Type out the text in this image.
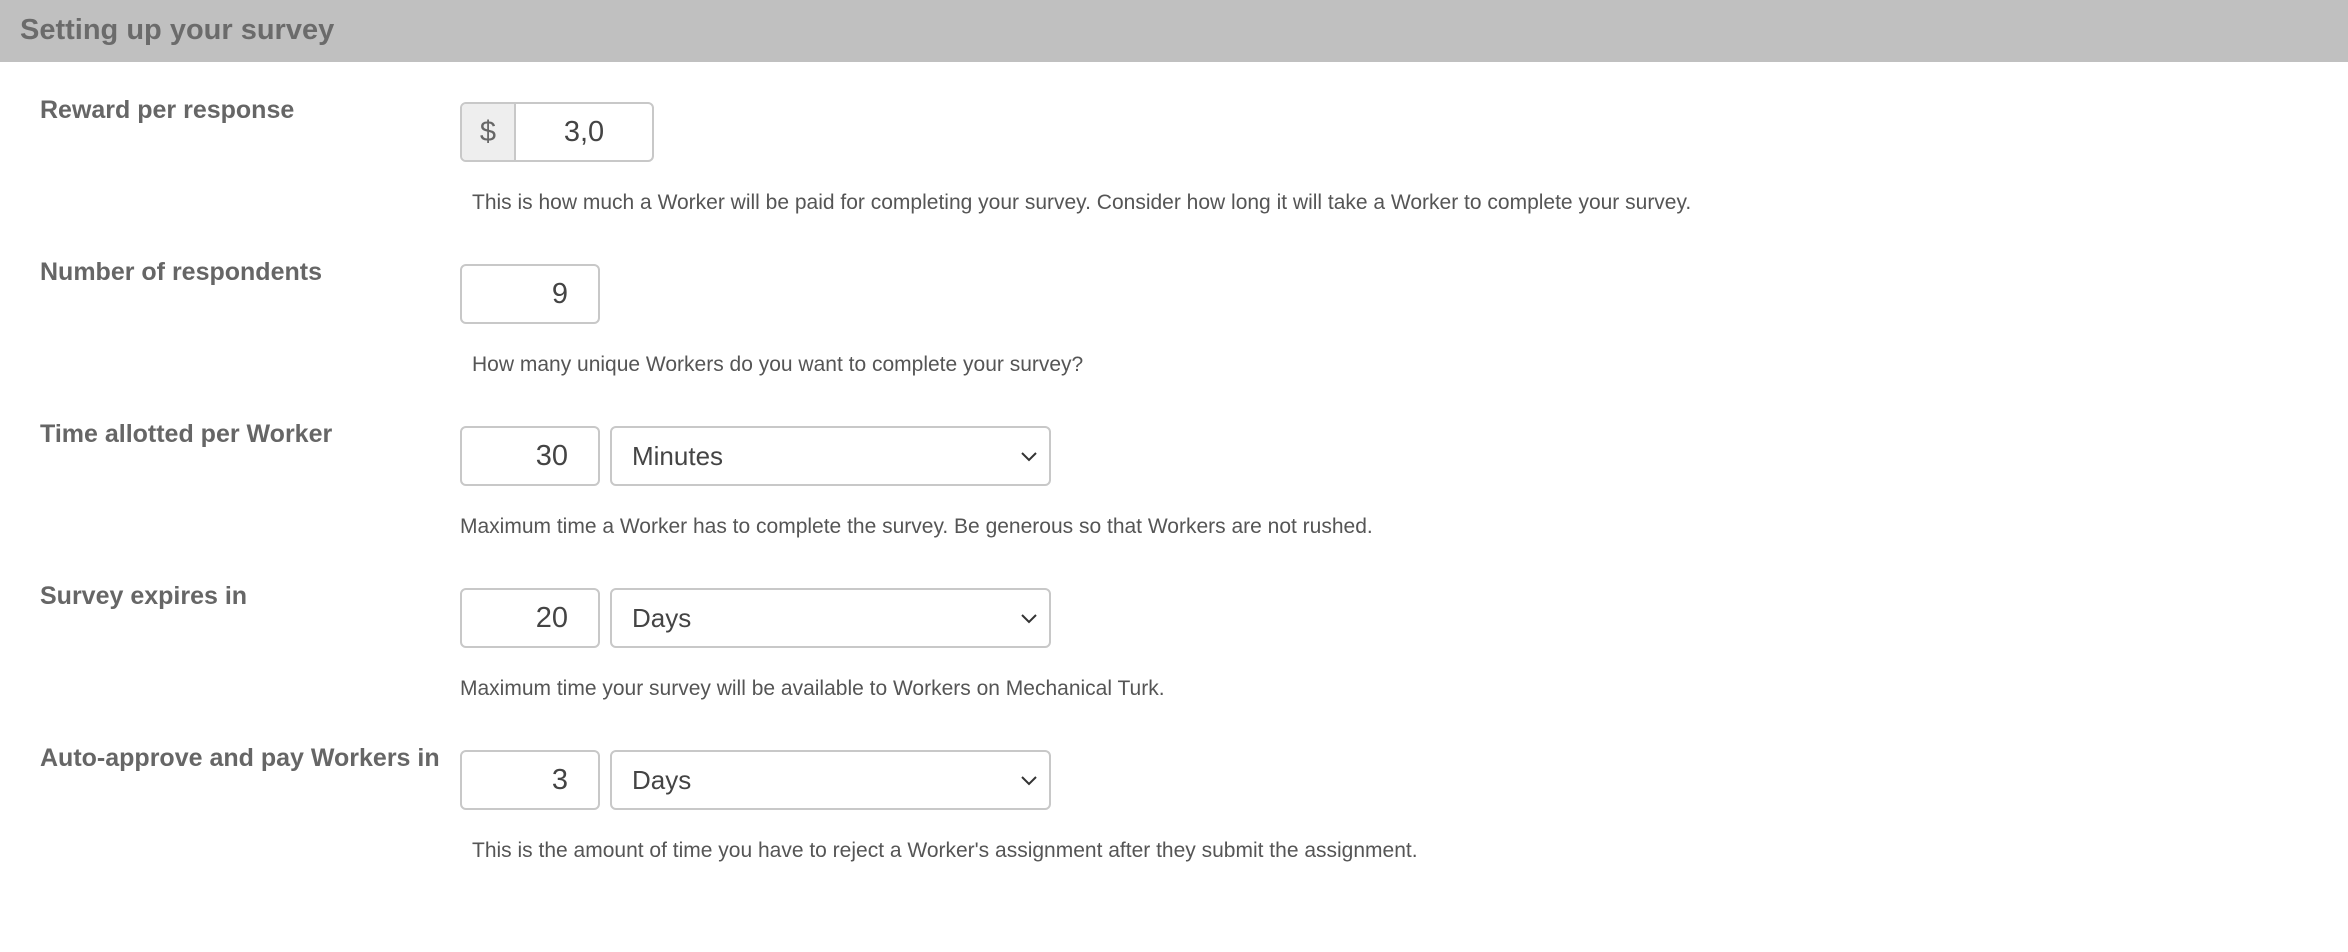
Setting up your survey
Reward per response
$
3,0
This is how much a Worker will be paid for completing your survey. Consider how long it will take a Worker to complete your survey.
Number of respondents
9
How many unique Workers do you want to complete your survey?
Time allotted per Worker
30
Minutes
Maximum time a Worker has to complete the survey. Be generous so that Workers are not rushed.
Survey expires in
20
Days
Maximum time your survey will be available to Workers on Mechanical Turk.
Auto-approve and pay Workers in
3
Days
This is the amount of time you have to reject a Worker's assignment after they submit the assignment.
